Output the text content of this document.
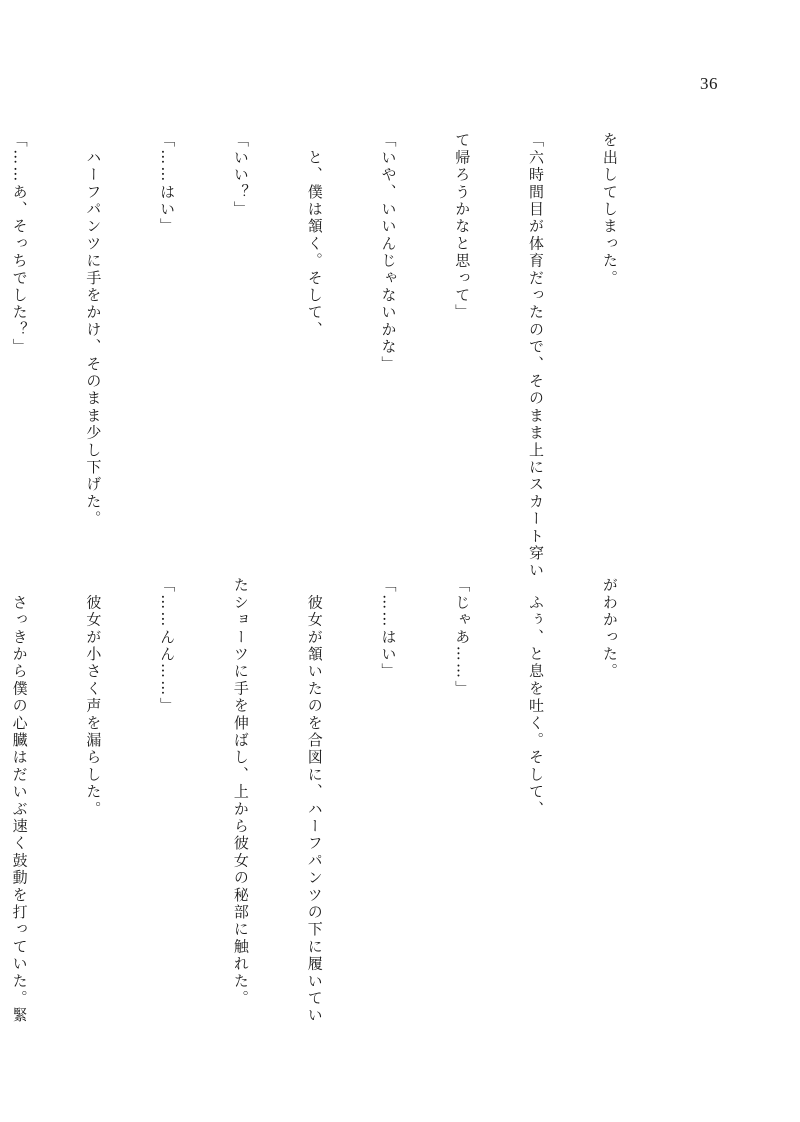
36

を出してしまった。

「六時間目が体育だったので、そのまま上にスカート穿い

て帰ろうかなと思って」

「いや、いいんじゃないかな」

　と、僕は頷く。そして、

「いい？」

「……はい」

　ハーフパンツに手をかけ、そのまま少し下げた。

「……あ、そっちでした？」

がわかった。

　ふぅ、と息を吐く。そして、

「じゃあ……」

「……はい」

　彼女が頷いたのを合図に、ハーフパンツの下に履いてい

たショーツに手を伸ばし、上から彼女の秘部に触れた。

「……んん……」

　彼女が小さく声を漏らした。

　さっきから僕の心臓はだいぶ速く鼓動を打っていた。緊
